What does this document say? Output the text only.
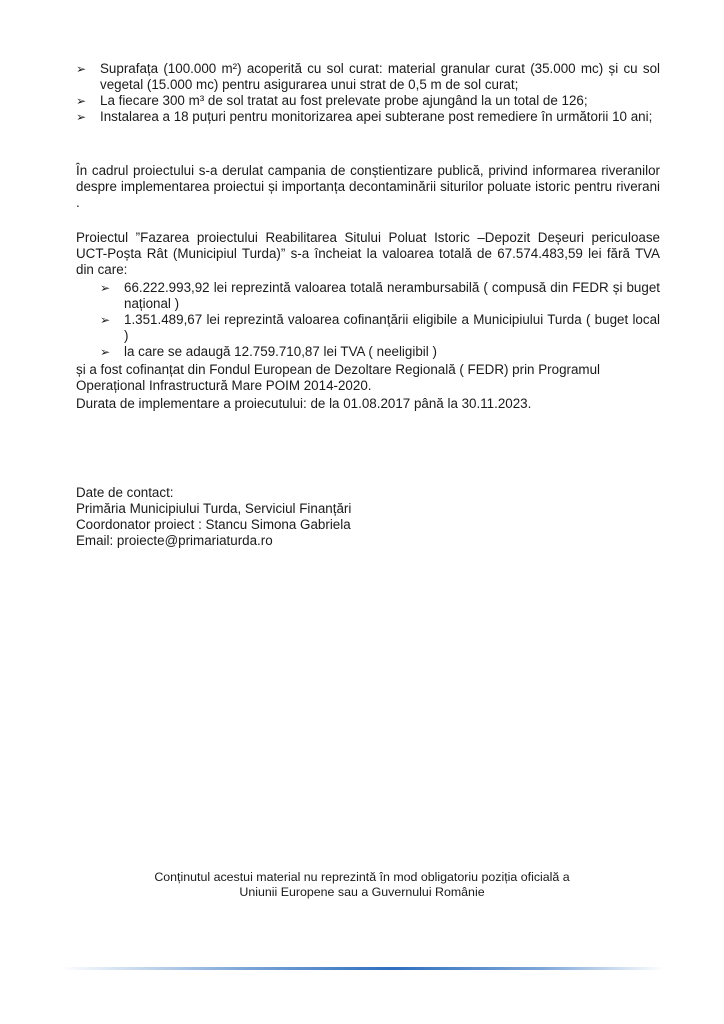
➢ Suprafața (100.000 m²) acoperită cu sol curat: material granular curat (35.000 mc) și cu sol vegetal (15.000 mc) pentru asigurarea unui strat de 0,5 m de sol curat;
➢ La fiecare 300 m³ de sol tratat au fost prelevate probe ajungând la un total de 126;
➢ Instalarea a 18 puțuri pentru monitorizarea apei subterane post remediere în următorii 10 ani;

În cadrul proiectului s-a derulat campania de conștientizare publică, privind informarea riveranilor despre implementarea proiectui și importanța decontaminării siturilor poluate istoric pentru riverani .

Proiectul ”Fazarea proiectului Reabilitarea Sitului Poluat Istoric –Depozit Deșeuri periculoase UCT-Poșta Rât (Municipiul Turda)” s-a încheiat la valoarea totală de 67.574.483,59 lei fără TVA din care:

➢ 66.222.993,92 lei reprezintă valoarea totală nerambursabilă ( compusă din FEDR și buget național )
➢ 1.351.489,67 lei reprezintă valoarea cofinanțării eligibile a Municipiului Turda ( buget local )
➢ la care se adaugă 12.759.710,87 lei TVA ( neeligibil )

și a fost cofinanțat din Fondul European de Dezoltare Regională ( FEDR) prin Programul Operațional Infrastructură Mare POIM 2014-2020.

Durata de implementare a proiecutului: de la 01.08.2017 până la 30.11.2023.

Date de contact:

Primăria Municipiului Turda, Serviciul Finanțări

Coordonator proiect : Stancu Simona Gabriela

Email: proiecte@primariaturda.ro

Conținutul acestui material nu reprezintă în mod obligatoriu poziția oficială a

Uniunii Europene sau a Guvernului Românie
